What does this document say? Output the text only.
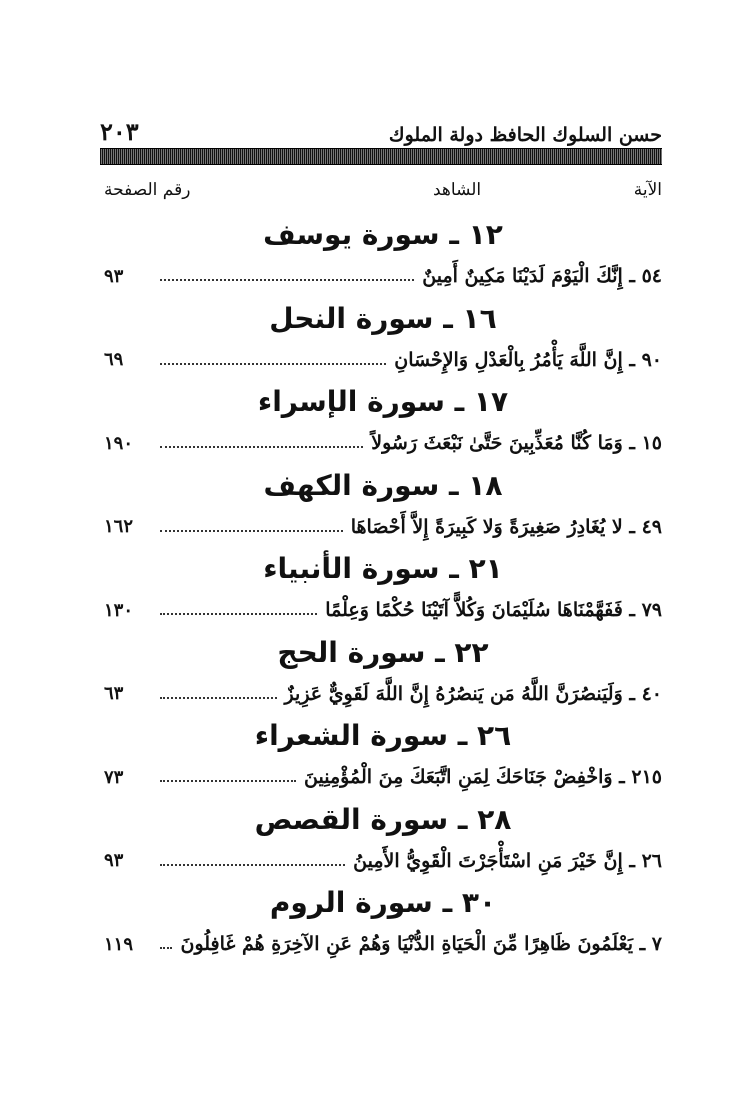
٢٠٣	حسن السلوك الحافظ دولة الملوك
الآية
الشاهد
رقم الصفحة
١٢ ـ سورة يوسف
٥٤ ـ إِنَّكَ الْيَوْمَ لَدَيْنَا مَكِينٌ أَمِينٌ
٩٣
١٦ ـ سورة النحل
٩٠ ـ إِنَّ اللَّهَ يَأْمُرُ بِالْعَدْلِ وَالإِحْسَانِ
٦٩
١٧ ـ سورة الإسراء
١٥ ـ وَمَا كُنَّا مُعَذِّبِينَ حَتَّىٰ نَبْعَثَ رَسُولاً
١٩٠
١٨ ـ سورة الكهف
٤٩ ـ لا يُغَادِرُ صَغِيرَةً وَلا كَبِيرَةً إِلاَّ أَحْصَاهَا
١٦٢
٢١ ـ سورة الأنبياء
٧٩ ـ فَفَهَّمْنَاهَا سُلَيْمَانَ وَكُلاًّ آتَيْنَا حُكْمًا وَعِلْمًا
١٣٠
٢٢ ـ سورة الحج
٤٠ ـ وَلَيَنصُرَنَّ اللَّهُ مَن يَنصُرُهُ إِنَّ اللَّهَ لَقَوِيٌّ عَزِيزٌ
٦٣
٢٦ ـ سورة الشعراء
٢١٥ ـ وَاخْفِضْ جَنَاحَكَ لِمَنِ اتَّبَعَكَ مِنَ الْمُؤْمِنِينَ
٧٣
٢٨ ـ سورة القصص
٢٦ ـ إِنَّ خَيْرَ مَنِ اسْتَأْجَرْتَ الْقَوِيُّ الأَمِينُ
٩٣
٣٠ ـ سورة الروم
٧ ـ يَعْلَمُونَ ظَاهِرًا مِّنَ الْحَيَاةِ الدُّنْيَا وَهُمْ عَنِ الآخِرَةِ هُمْ غَافِلُونَ
١١٩
